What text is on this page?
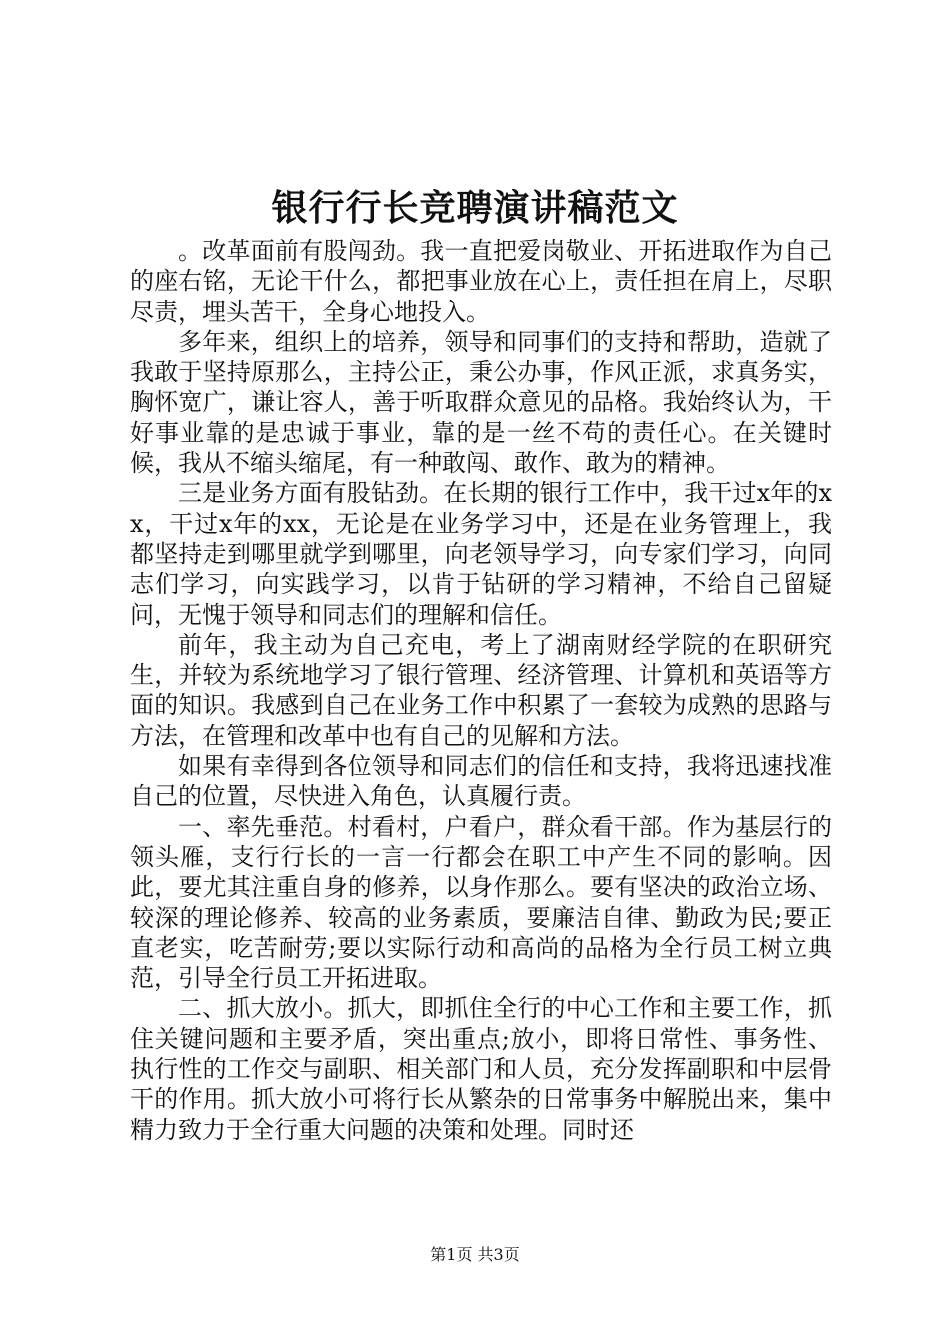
银行行长竞聘演讲稿范文

。改革面前有股闯劲。我一直把爱岗敬业、开拓进取作为自己的座右铭，无论干什么，都把事业放在心上，责任担在肩上，尽职尽责，埋头苦干，全身心地投入。

多年来，组织上的培养，领导和同事们的支持和帮助，造就了我敢于坚持原那么，主持公正，秉公办事，作风正派，求真务实，胸怀宽广，谦让容人，善于听取群众意见的品格。我始终认为，干好事业靠的是忠诚于事业，靠的是一丝不苟的责任心。在关键时候，我从不缩头缩尾，有一种敢闯、敢作、敢为的精神。

三是业务方面有股钻劲。在长期的银行工作中，我干过x年的xx，干过x年的xx，无论是在业务学习中，还是在业务管理上，我都坚持走到哪里就学到哪里，向老领导学习，向专家们学习，向同志们学习，向实践学习，以肯于钻研的学习精神，不给自己留疑问，无愧于领导和同志们的理解和信任。

前年，我主动为自己充电，考上了湖南财经学院的在职研究生，并较为系统地学习了银行管理、经济管理、计算机和英语等方面的知识。我感到自己在业务工作中积累了一套较为成熟的思路与方法，在管理和改革中也有自己的见解和方法。

如果有幸得到各位领导和同志们的信任和支持，我将迅速找准自己的位置，尽快进入角色，认真履行责。

一、率先垂范。村看村，户看户，群众看干部。作为基层行的领头雁，支行行长的一言一行都会在职工中产生不同的影响。因此，要尤其注重自身的修养，以身作那么。要有坚决的政治立场、较深的理论修养、较高的业务素质，要廉洁自律、勤政为民;要正直老实，吃苦耐劳;要以实际行动和高尚的品格为全行员工树立典范，引导全行员工开拓进取。

二、抓大放小。抓大，即抓住全行的中心工作和主要工作，抓住关键问题和主要矛盾，突出重点;放小，即将日常性、事务性、执行性的工作交与副职、相关部门和人员，充分发挥副职和中层骨干的作用。抓大放小可将行长从繁杂的日常事务中解脱出来，集中精力致力于全行重大问题的决策和处理。同时还

第1页 共3页
